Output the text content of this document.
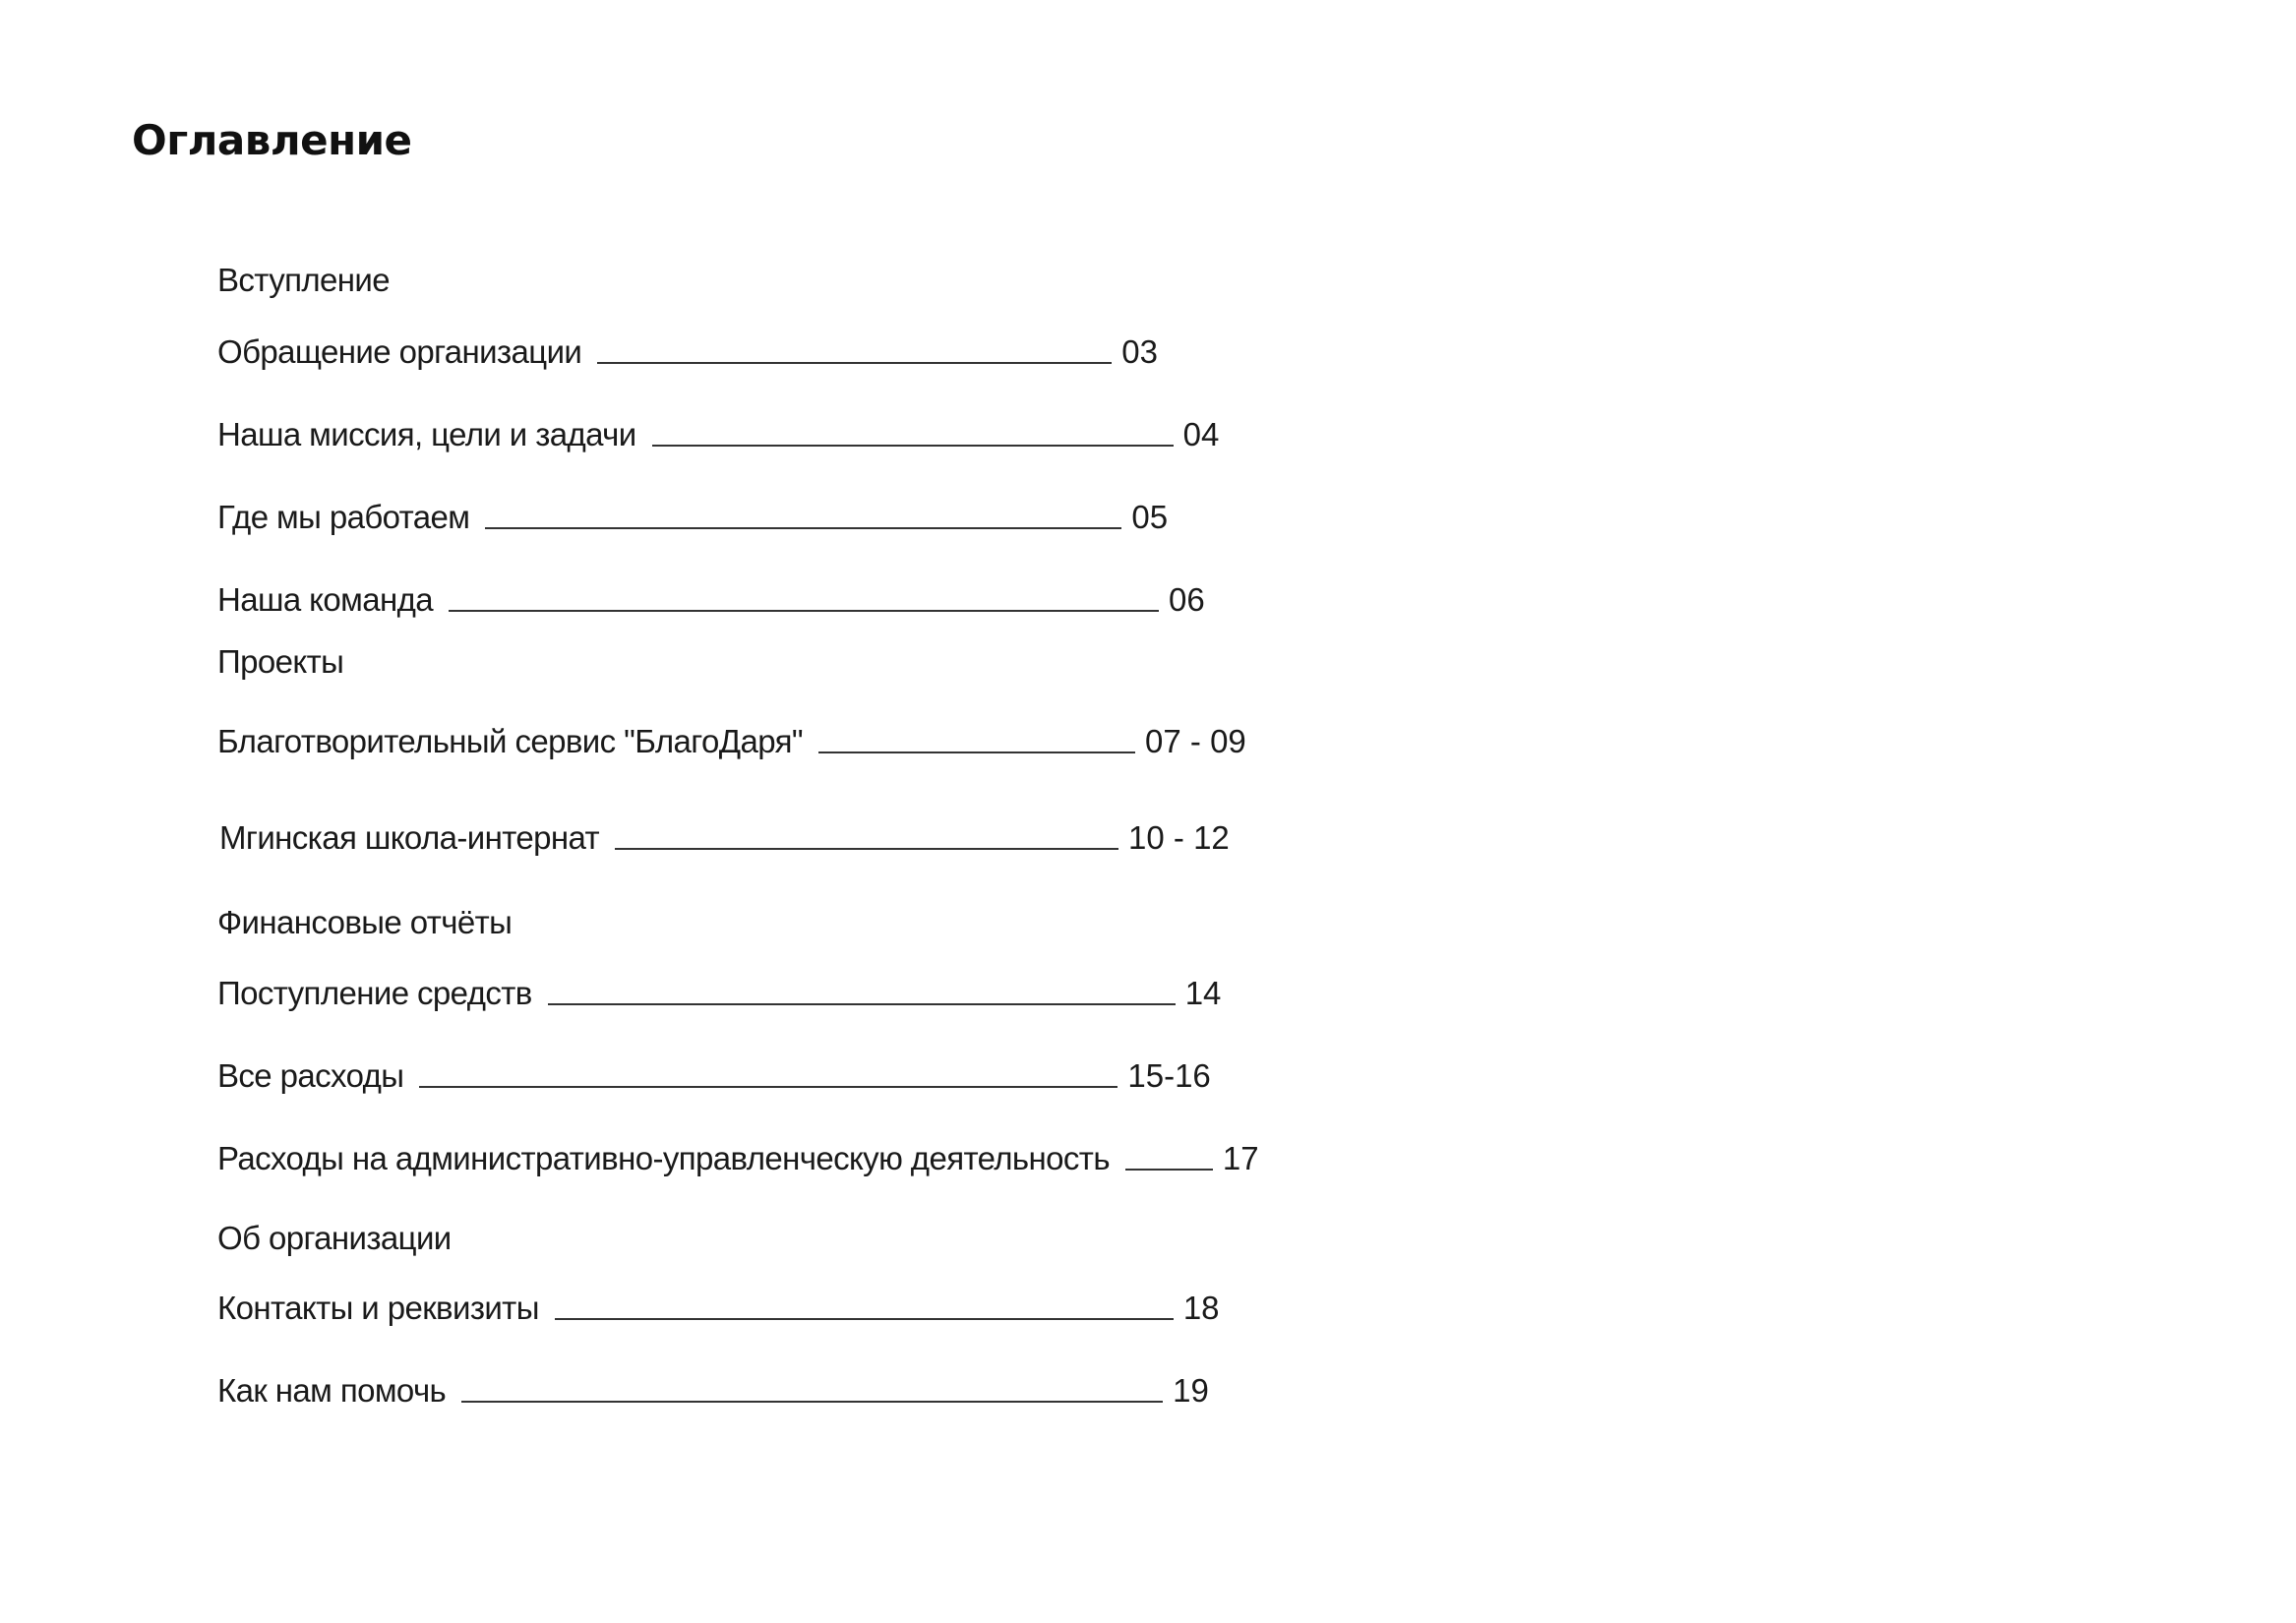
Оглавление
Вступление
Обращение организации	03
Наша миссия, цели и задачи	04
Где мы работаем	05
Наша команда	06
Проекты
Благотворительный сервис "БлагоДаря"	07 - 09
Мгинская школа-интернат	10 - 12
Финансовые отчёты
Поступление средств	14
Все расходы	15-16
Расходы на административно-управленческую деятельность	17
Об организации
Контакты и реквизиты	18
Как нам помочь	19
